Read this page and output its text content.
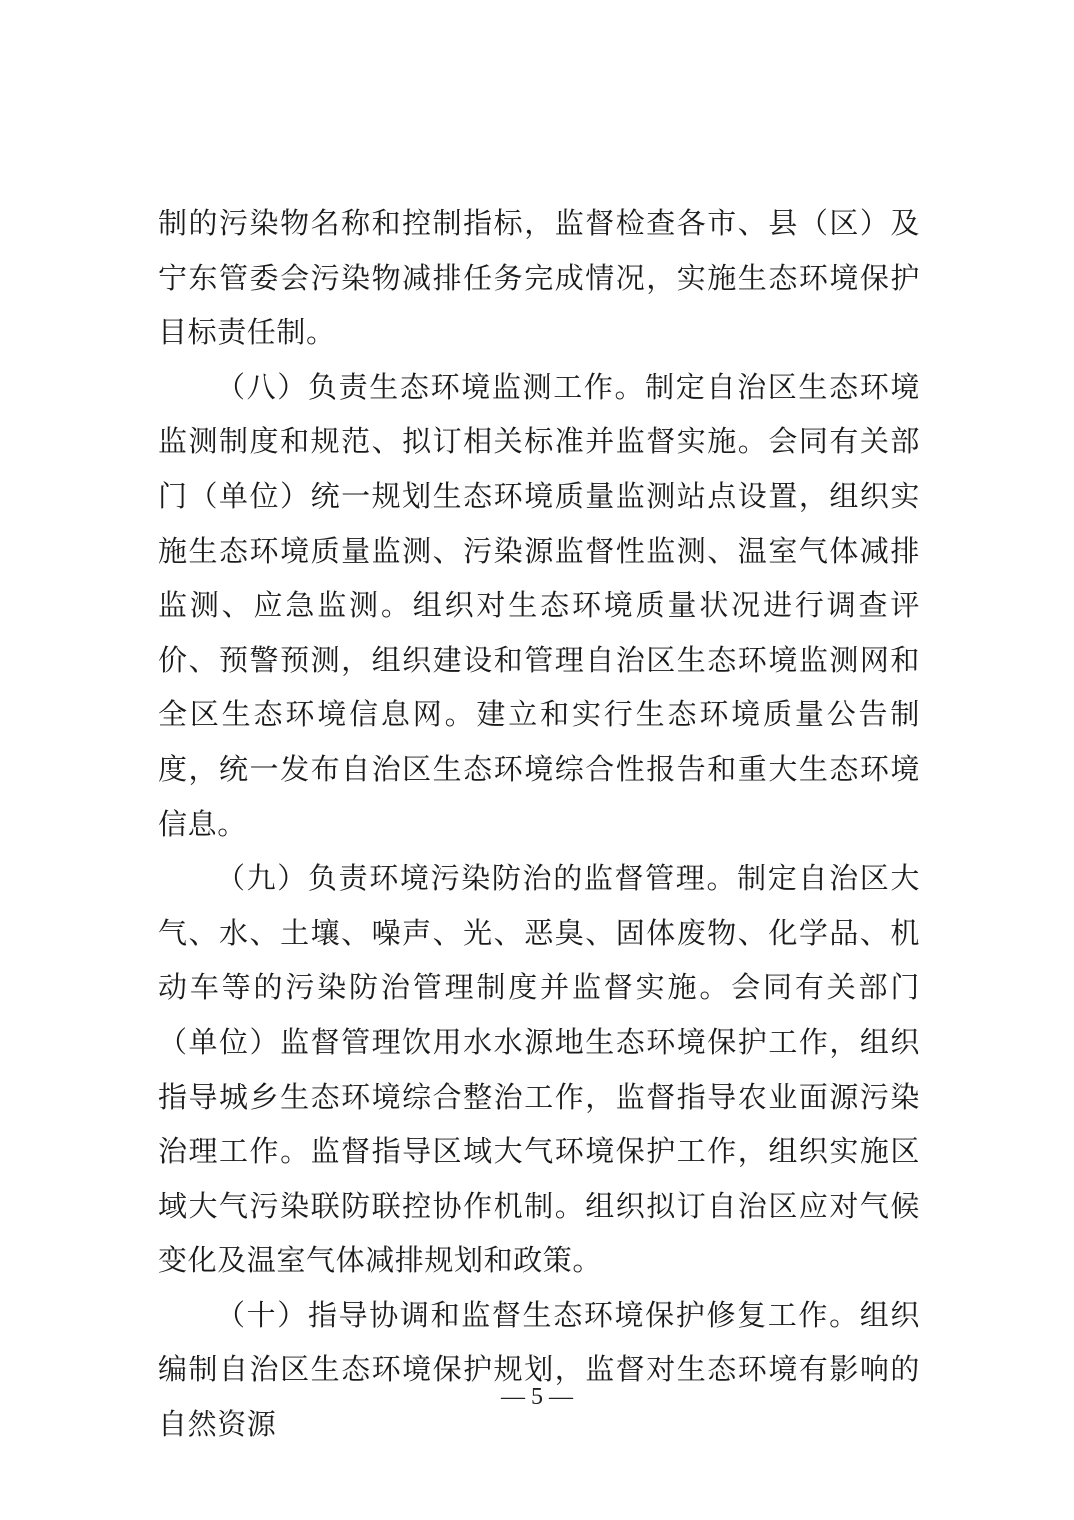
制的污染物名称和控制指标，监督检查各市、县（区）及宁东管委会污染物减排任务完成情况，实施生态环境保护目标责任制。

（八）负责生态环境监测工作。制定自治区生态环境监测制度和规范、拟订相关标准并监督实施。会同有关部门（单位）统一规划生态环境质量监测站点设置，组织实施生态环境质量监测、污染源监督性监测、温室气体减排监测、应急监测。组织对生态环境质量状况进行调查评价、预警预测，组织建设和管理自治区生态环境监测网和全区生态环境信息网。建立和实行生态环境质量公告制度，统一发布自治区生态环境综合性报告和重大生态环境信息。

（九）负责环境污染防治的监督管理。制定自治区大气、水、土壤、噪声、光、恶臭、固体废物、化学品、机动车等的污染防治管理制度并监督实施。会同有关部门（单位）监督管理饮用水水源地生态环境保护工作，组织指导城乡生态环境综合整治工作，监督指导农业面源污染治理工作。监督指导区域大气环境保护工作，组织实施区域大气污染联防联控协作机制。组织拟订自治区应对气候变化及温室气体减排规划和政策。

（十）指导协调和监督生态环境保护修复工作。组织编制自治区生态环境保护规划，监督对生态环境有影响的自然资源

— 5 —
